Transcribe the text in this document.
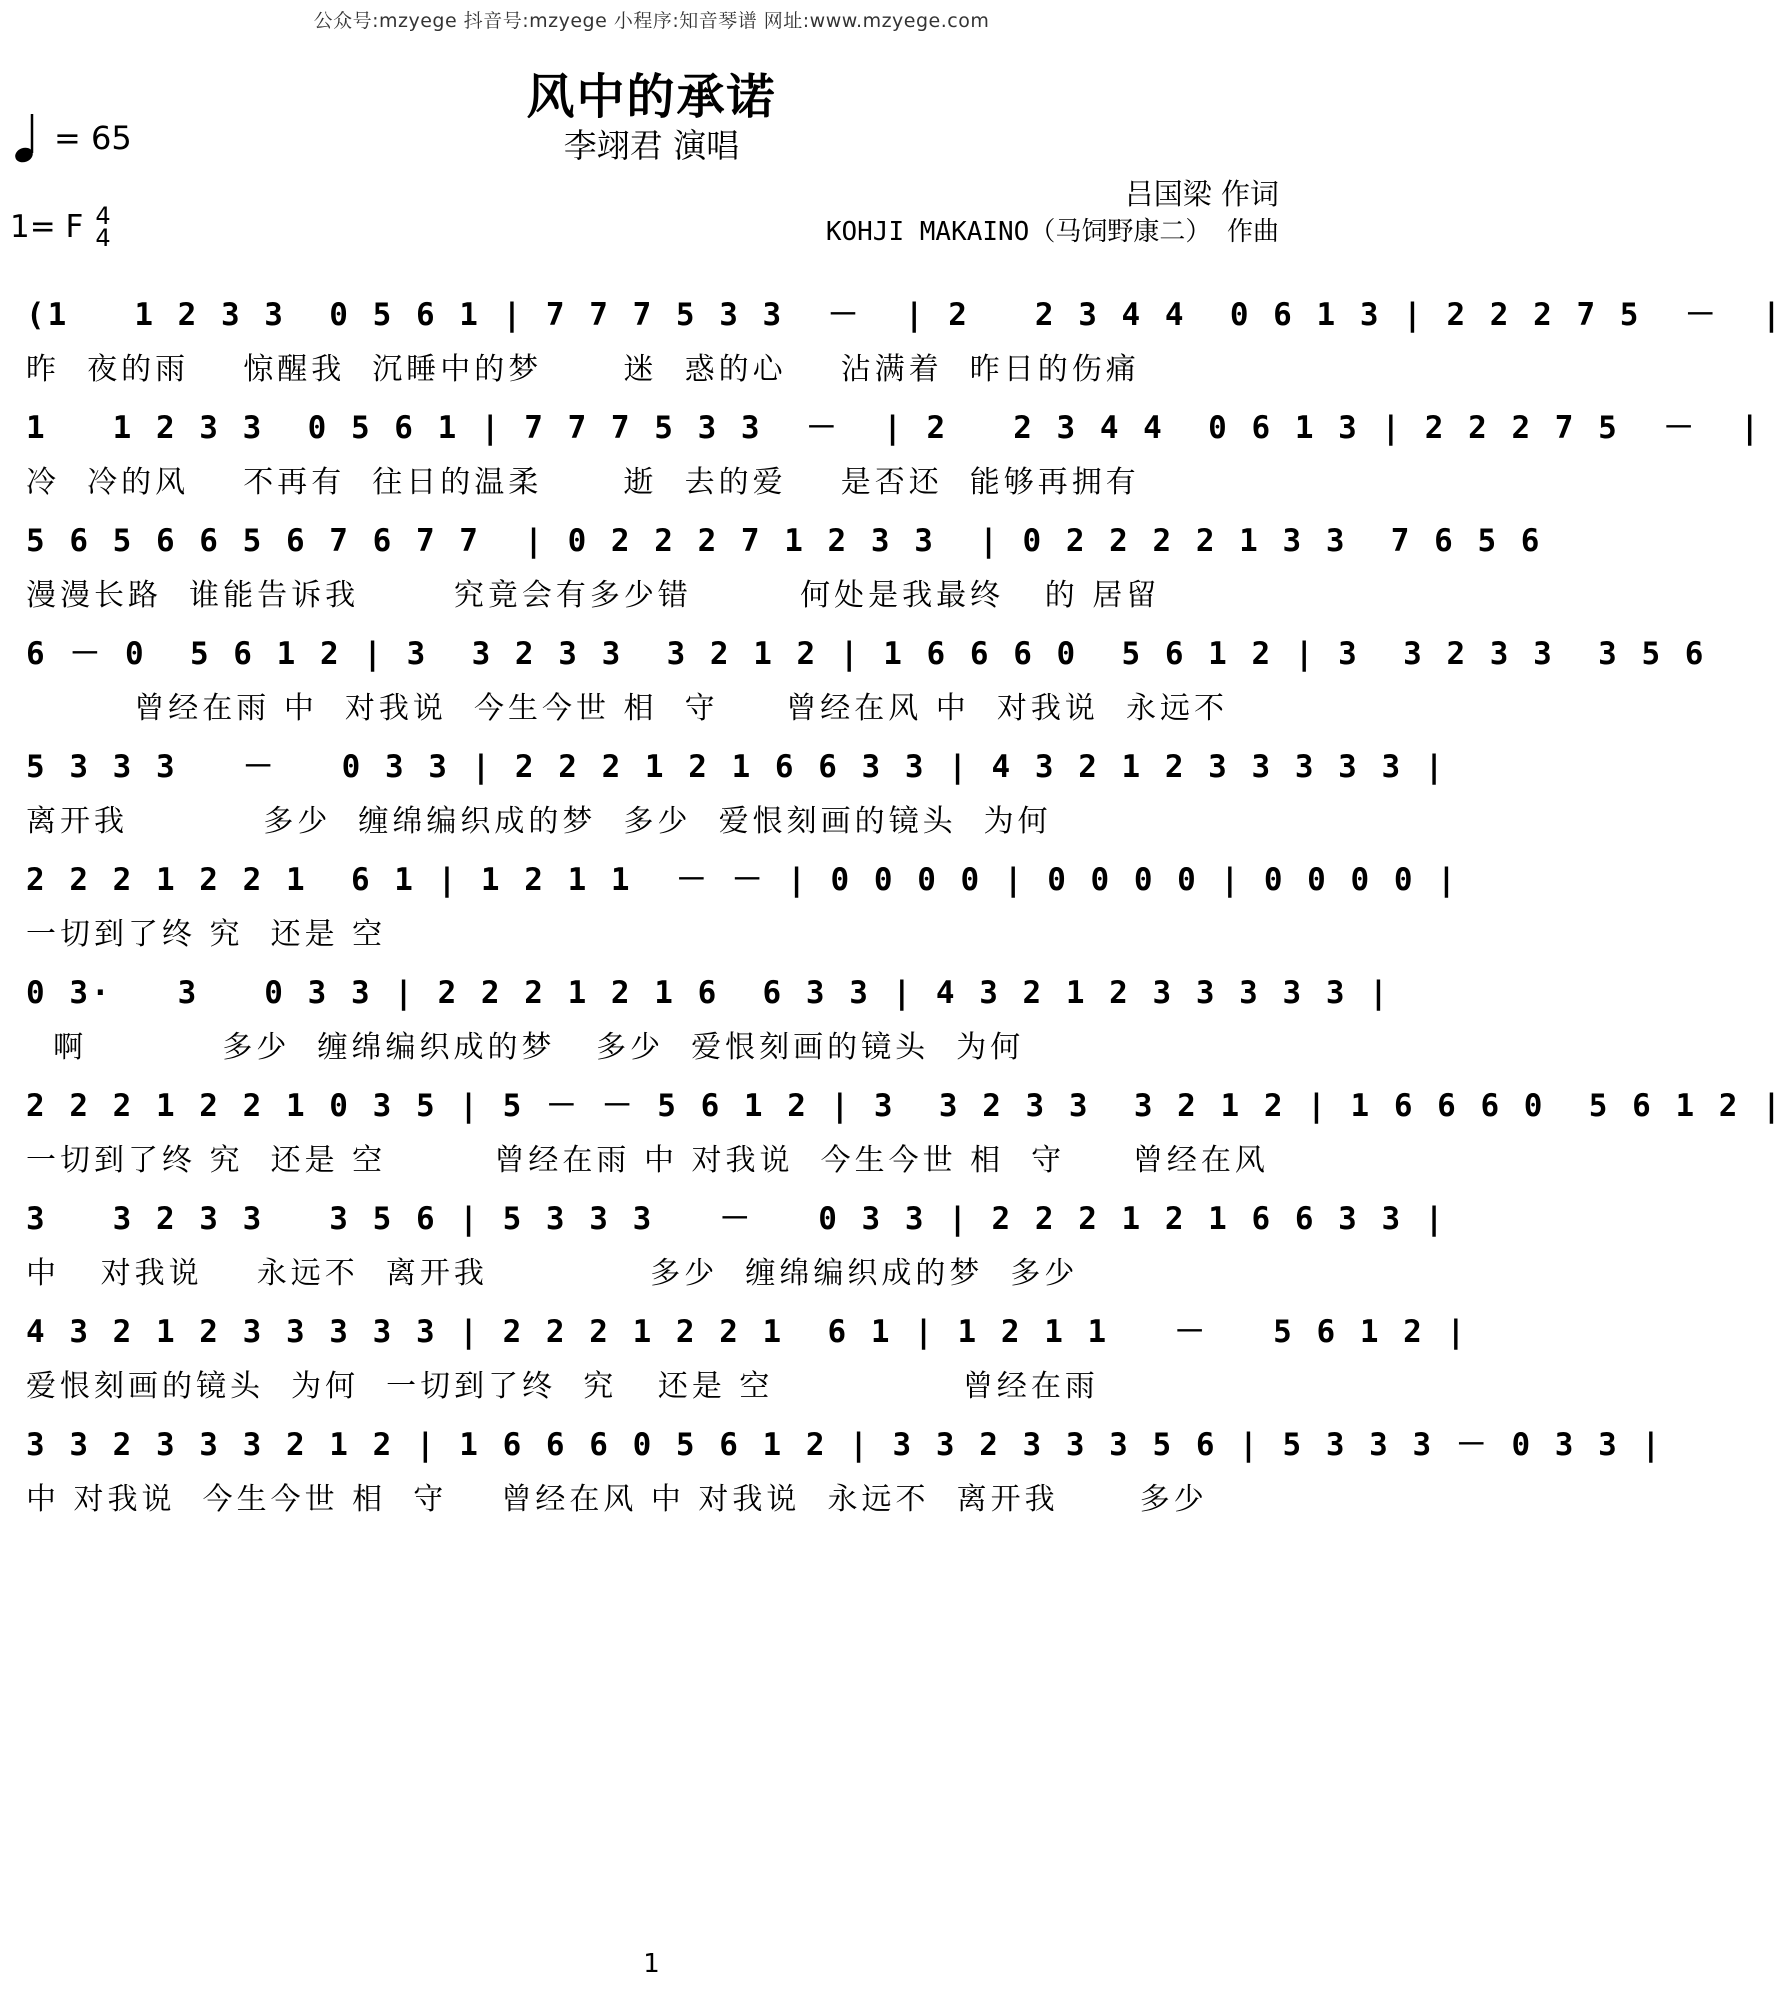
公众号:mzyege 抖音号:mzyege 小程序:知音琴谱 网址:www.mzyege.com
风中的承诺
李翊君 演唱
= 65
吕国梁 作词
KOHJI MAKAINO（马饲野康二） 作曲
1= F 4
4
(1   1 2 3 3  0 5 6 1 | 7 7 7 5 3 3  －  | 2   2 3 4 4  0 6 1 3 | 2 2 2 7 5  －  |
昨  夜的雨    惊醒我  沉睡中的梦      迷  惑的心    沾满着  昨日的伤痛
1   1 2 3 3  0 5 6 1 | 7 7 7 5 3 3  －  | 2   2 3 4 4  0 6 1 3 | 2 2 2 7 5  －  |
冷  冷的风    不再有  往日的温柔      逝  去的爱    是否还  能够再拥有
5 6 5 6 6 5 6 7 6 7 7  | 0 2 2 2 7 1 2 3 3  | 0 2 2 2 2 1 3 3  7 6 5 6
漫漫长路  谁能告诉我       究竟会有多少错        何处是我最终   的 居留
6 － 0  5 6 1 2 | 3  3 2 3 3  3 2 1 2 | 1 6 6 6 0  5 6 1 2 | 3  3 2 3 3  3 5 6
曾经在雨 中  对我说  今生今世 相  守     曾经在风 中  对我说  永远不
5 3 3 3   －   0 3 3 | 2 2 2 1 2 1 6 6 3 3 | 4 3 2 1 2 3 3 3 3 3 |
离开我          多少  缠绵编织成的梦  多少  爱恨刻画的镜头  为何
2 2 2 1 2 2 1  6 1 | 1 2 1 1  － － | 0 0 0 0 | 0 0 0 0 | 0 0 0 0 |
一切到了终 究  还是 空
0 3·   3   0 3 3 | 2 2 2 1 2 1 6  6 3 3 | 4 3 2 1 2 3 3 3 3 3 |
啊          多少  缠绵编织成的梦   多少  爱恨刻画的镜头  为何
2 2 2 1 2 2 1 0 3 5 | 5 － － 5 6 1 2 | 3  3 2 3 3  3 2 1 2 | 1 6 6 6 0  5 6 1 2 |
一切到了终 究  还是 空        曾经在雨 中 对我说  今生今世 相  守     曾经在风
3   3 2 3 3   3 5 6 | 5 3 3 3   －   0 3 3 | 2 2 2 1 2 1 6 6 3 3 |
中   对我说    永远不  离开我            多少  缠绵编织成的梦  多少
4 3 2 1 2 3 3 3 3 3 | 2 2 2 1 2 2 1  6 1 | 1 2 1 1   －   5 6 1 2 |
爱恨刻画的镜头  为何  一切到了终  究   还是 空              曾经在雨
3 3 2 3 3 3 2 1 2 | 1 6 6 6 0 5 6 1 2 | 3 3 2 3 3 3 5 6 | 5 3 3 3 － 0 3 3 |
中 对我说  今生今世 相  守    曾经在风 中 对我说  永远不  离开我      多少
1
